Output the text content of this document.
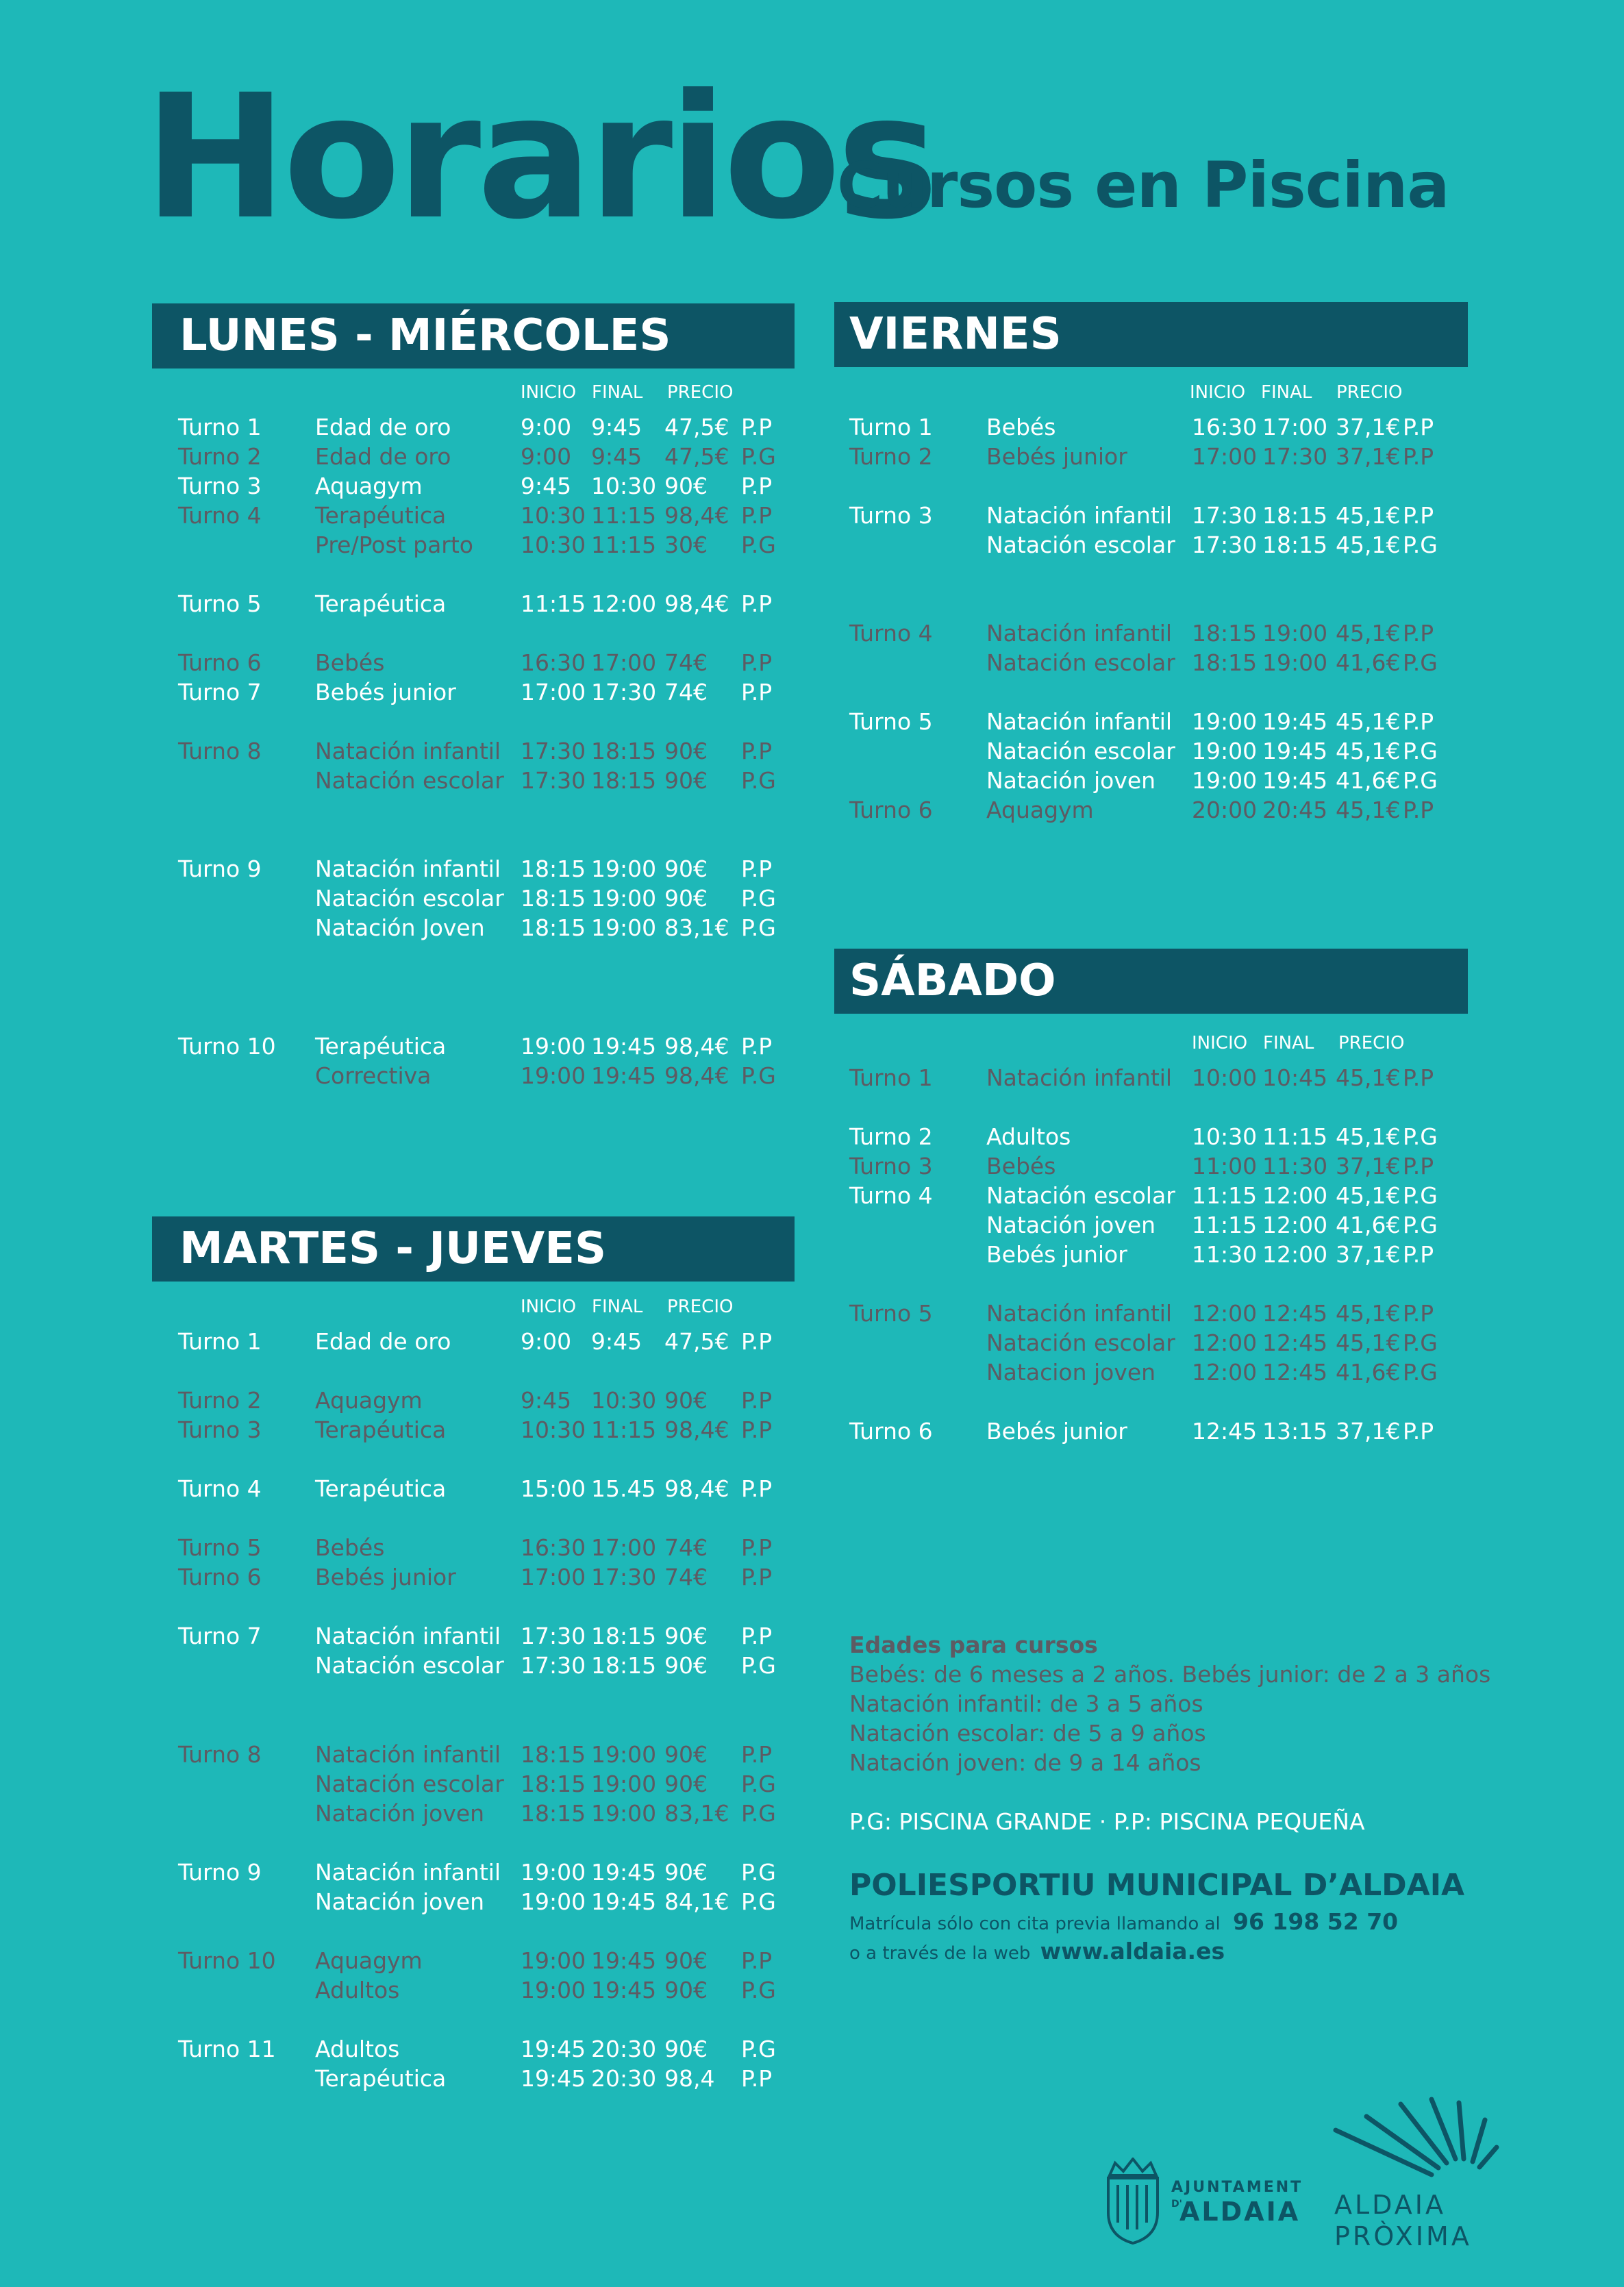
Horarios
Cursos en Piscina
LUNES - MIÉRCOLES
INICIO FINAL PRECIO
Turno 1 Edad de oro	9:00 9:45 47,5€ P.P
Turno 2 Edad de oro	9:00 9:45 47,5€ P.G
Turno 3 Aquagym	9:45 10:30 90€ P.P
Turno 4 Terapéutica	10:30 11:15 98,4€ P.P
Pre/Post parto 10:30 11:15 30€ P.G
Turno 5 Terapéutica	11:15 12:00 98,4€ P.P
Turno 6 Bebés	16:30 17:00 74€ P.P
Turno 7 Bebés junior	17:00 17:30 74€ P.P
Turno 8 Natación infantil 17:30 18:15 90€ P.P
Natación escolar 17:30 18:15 90€ P.G
Turno 9 Natación infantil 18:15 19:00 90€ P.P
Natación escolar 18:15 19:00 90€ P.G
Natación Joven 18:15 19:00 83,1€ P.G
Turno 10 Terapéutica	19:00 19:45 98,4€ P.P
Correctiva	19:00 19:45 98,4€ P.G
MARTES - JUEVES
INICIO FINAL PRECIO
Turno 1 Edad de oro	9:00 9:45 47,5€ P.P
Turno 2 Aquagym	9:45 10:30 90€ P.P
Turno 3 Terapéutica	10:30 11:15 98,4€ P.P
Turno 4 Terapéutica	15:00 15.45 98,4€ P.P
Turno 5 Bebés	16:30 17:00 74€ P.P
Turno 6 Bebés junior	17:00 17:30 74€ P.P
Turno 7 Natación infantil 17:30 18:15 90€ P.P
Natación escolar 17:30 18:15 90€ P.G
Turno 8 Natación infantil 18:15 19:00 90€ P.P
Natación escolar 18:15 19:00 90€ P.G
Natación joven 18:15 19:00 83,1€ P.G
Turno 9 Natación infantil 19:00 19:45 90€ P.G
Natación joven 19:00 19:45 84,1€ P.G
Turno 10 Aquagym	19:00 19:45 90€ P.P
Adultos	19:00 19:45 90€ P.G
Turno 11 Adultos	19:45 20:30 90€ P.G
Terapéutica	19:45 20:30 98,4 P.P
VIERNES
INICIO FINAL PRECIO
Turno 1 Bebés	16:30 17:00 37,1€ P.P
Turno 2 Bebés junior	17:00 17:30 37,1€ P.P
Turno 3 Natación infantil 17:30 18:15 45,1€ P.P
Natación escolar 17:30 18:15 45,1€ P.G
Turno 4 Natación infantil 18:15 19:00 45,1€ P.P
Natación escolar 18:15 19:00 41,6€ P.G
Turno 5 Natación infantil 19:00 19:45 45,1€ P.P
Natación escolar 19:00 19:45 45,1€ P.G
Natación joven 19:00 19:45 41,6€ P.G
Turno 6 Aquagym	20:00 20:45 45,1€ P.P
SÁBADO
INICIO FINAL PRECIO
Turno 1 Natación infantil 10:00 10:45 45,1€ P.P
Turno 2 Adultos	10:30 11:15 45,1€ P.G
Turno 3 Bebés	11:00 11:30 37,1€ P.P
Turno 4 Natación escolar 11:15 12:00 45,1€ P.G
Natación joven 11:15 12:00 41,6€ P.G
Bebés junior	11:30 12:00 37,1€ P.P
Turno 5 Natación infantil 12:00 12:45 45,1€ P.P
Natación escolar 12:00 12:45 45,1€ P.G
Natacion joven 12:00 12:45 41,6€ P.G
Turno 6 Bebés junior	12:45 13:15 37,1€ P.P
Edades para cursos
Bebés: de 6 meses a 2 años. Bebés junior: de 2 a 3 años
Natación infantil: de 3 a 5 años
Natación escolar: de 5 a 9 años
Natación joven: de 9 a 14 años
P.G: PISCINA GRANDE · P.P: PISCINA PEQUEÑA
POLIESPORTIU MUNICIPAL D’ALDAIA
Matrícula sólo con cita previa llamando al 96 198 52 70
o a través de la web www.aldaia.es
AJUNTAMENT
D'
ALDAIA ALDAIA
PRÒXIMA
